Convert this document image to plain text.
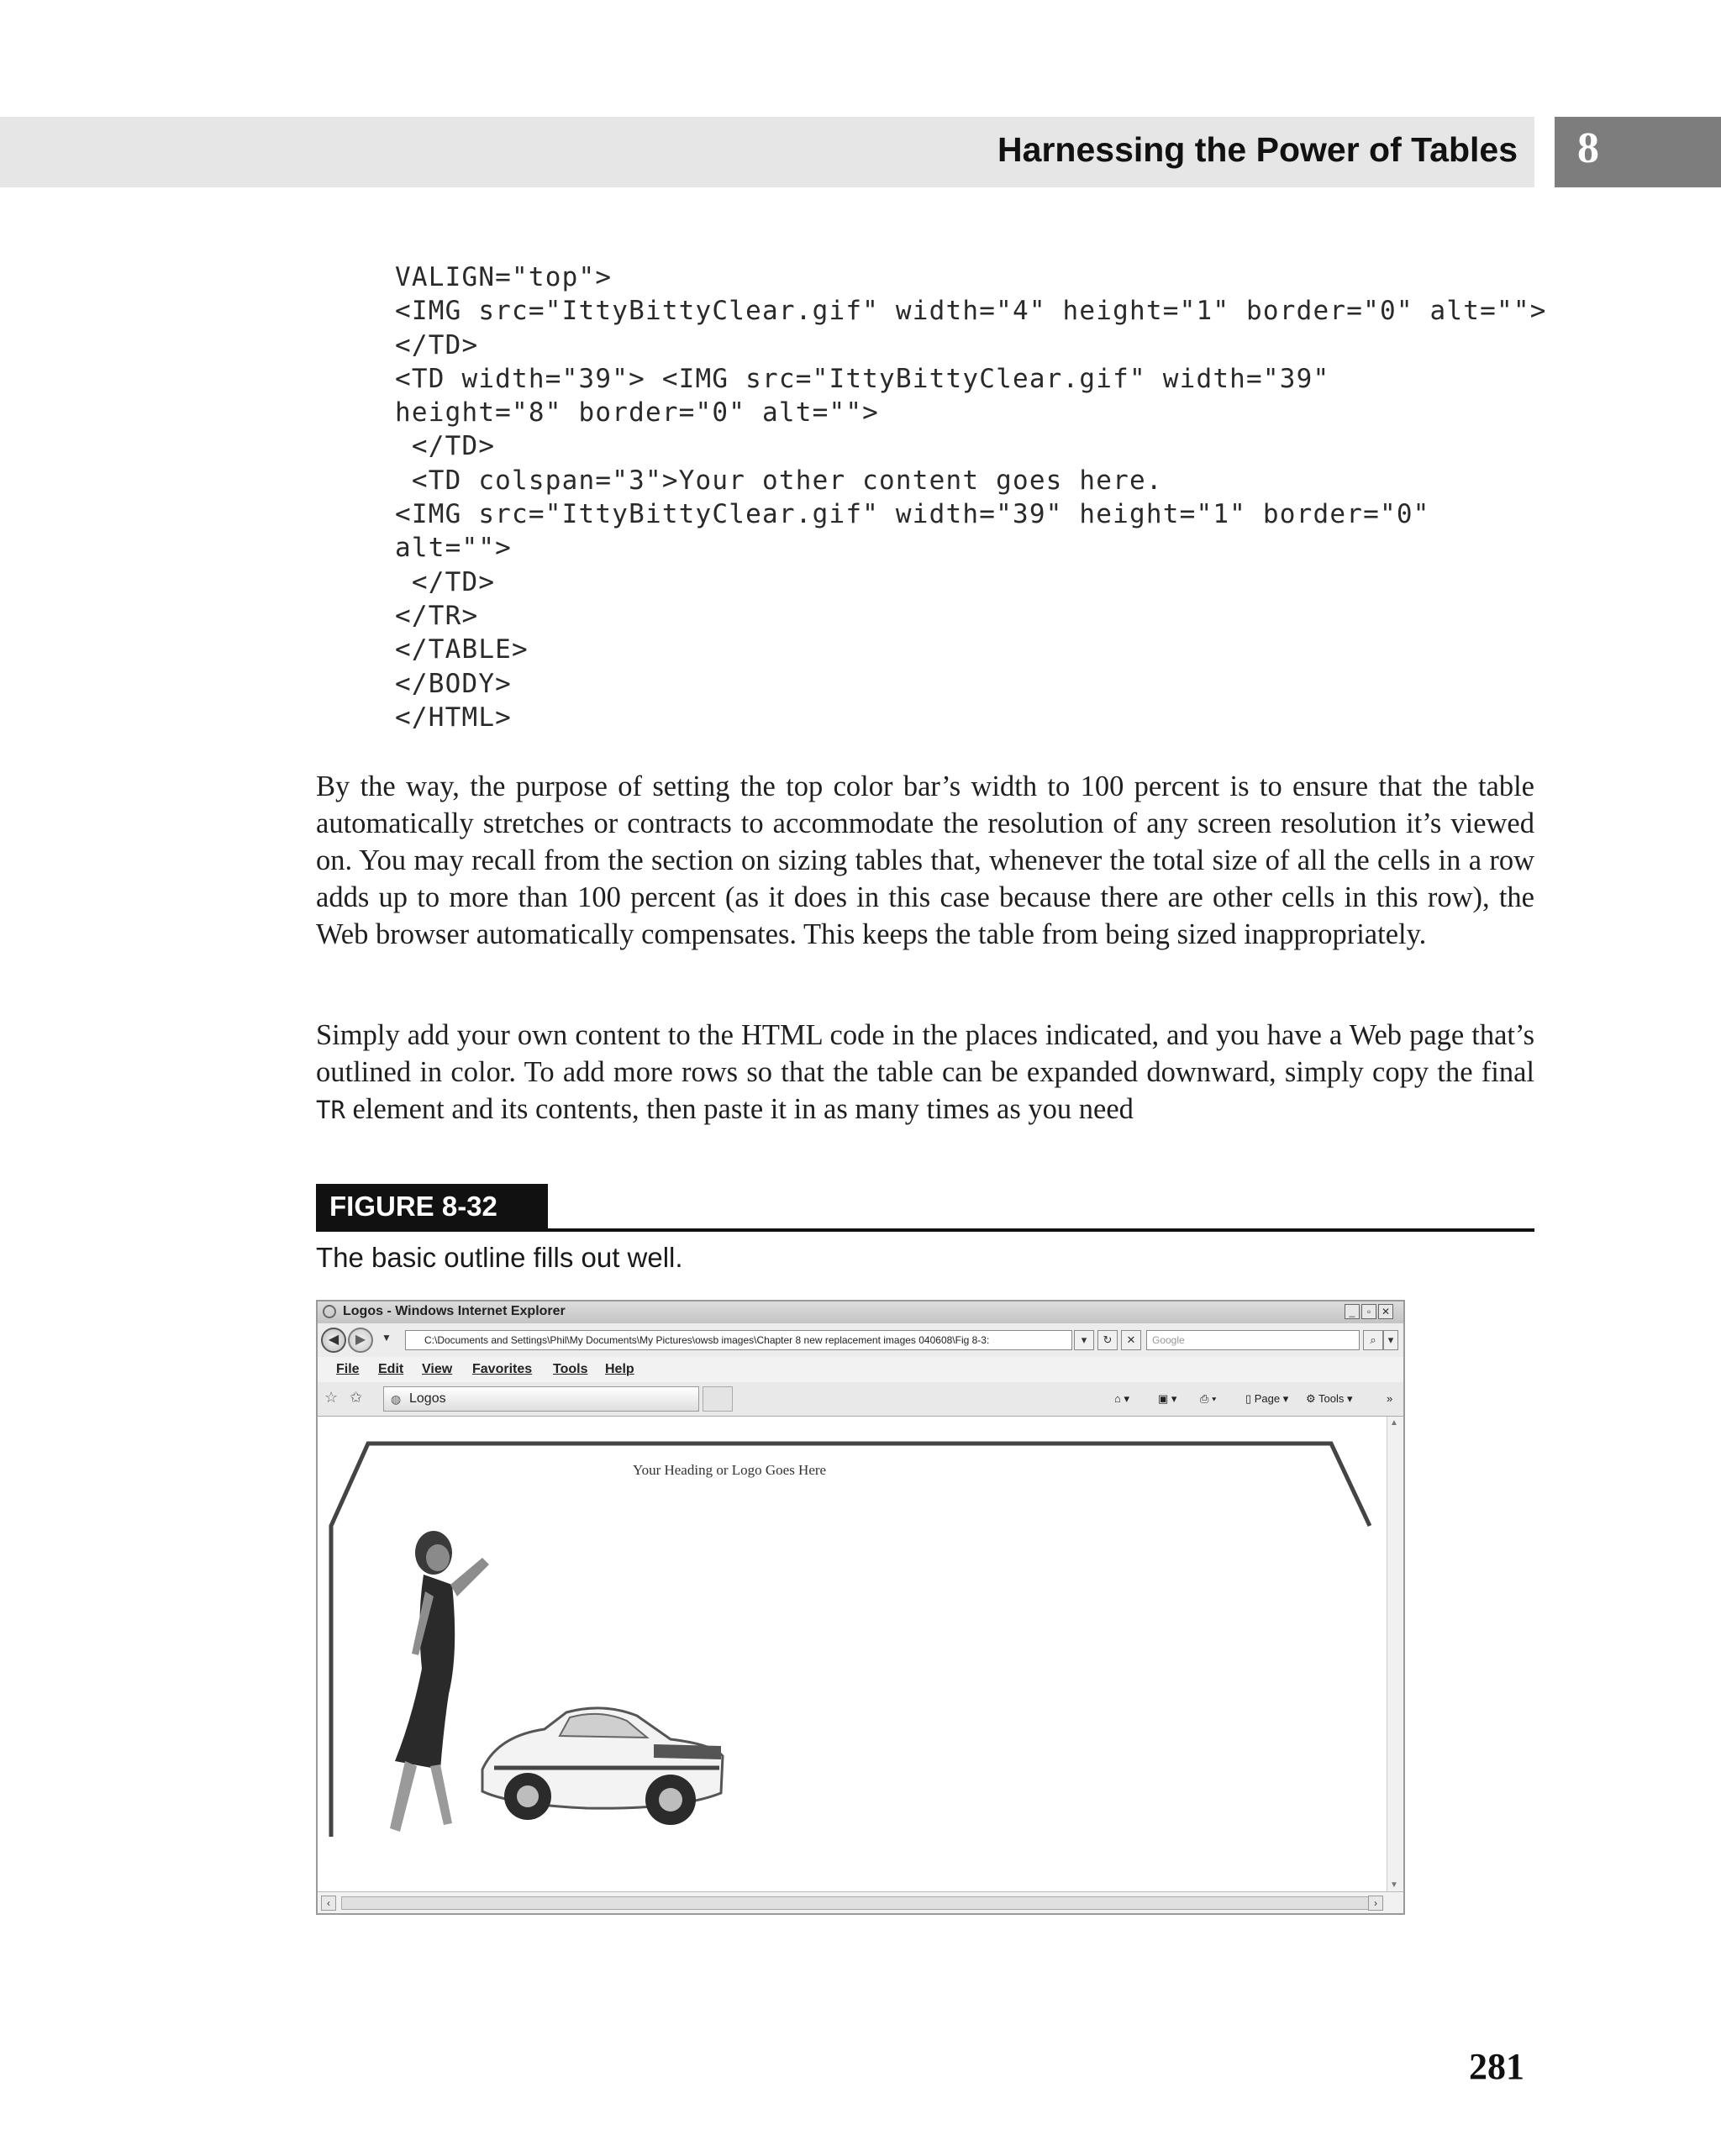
Harnessing the Power of Tables	8
VALIGN="top">
<IMG src="IttyBittyClear.gif" width="4" height="1" border="0" alt="">
</TD>
<TD width="39"> <IMG src="IttyBittyClear.gif" width="39"
height="8" border="0" alt="">
</TD>
<TD colspan="3">Your other content goes here.
<IMG src="IttyBittyClear.gif" width="39" height="1" border="0"
alt="">
</TD>
</TR>
</TABLE>
</BODY>
</HTML>

By the way, the purpose of setting the top color bar’s width to 100 percent is to ensure that the table automatically stretches or contracts to accommodate the resolution of any screen resolution it’s viewed on. You may recall from the section on sizing tables that, whenever the total size of all the cells in a row adds up to more than 100 percent (as it does in this case because there are other cells in this row), the Web browser automatically compensates. This keeps the table from being sized inappropriately.

Simply add your own content to the HTML code in the places indicated, and you have a Web page that’s outlined in color. To add more rows so that the table can be expanded downward, simply copy the final TR element and its contents, then paste it in as many times as you need

FIGURE 8-32
The basic outline fills out well.
Logos - Windows Internet Explorer	_	▫	✕
◀	▶	▼	C:\Documents and Settings\Phil\My Documents\My Pictures\owsb images\Chapter 8 new replacement images 040608\Fig 8-3:	▾	↻	✕	Google	⌕	▾
File Edit View Favorites Tools Help
☆ ✩ ◍ Logos	⌂ ▾	▣ ▾ ⎙ ▾	▯ Page ▾ ⚙ Tools ▾	»
Your Heading or Logo Goes Here
▲
▼
‹	›
281
